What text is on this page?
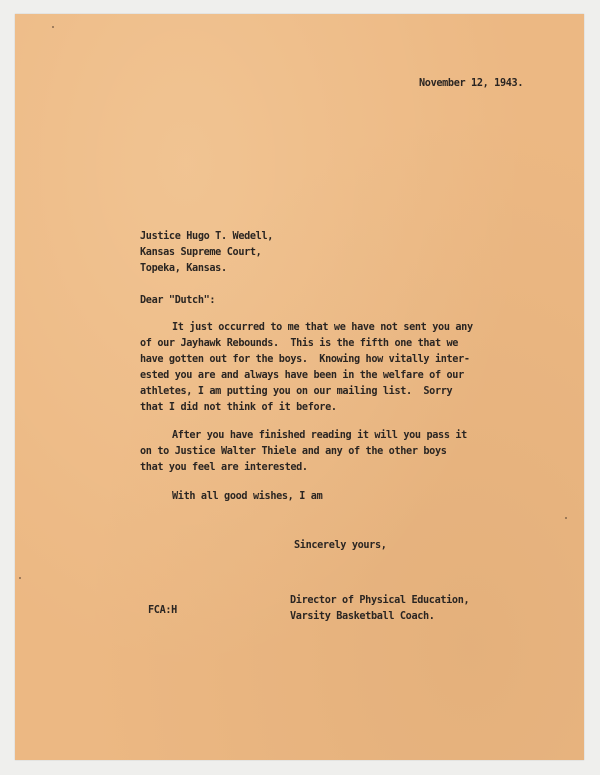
November 12, 1943.
Justice Hugo T. Wedell,
Kansas Supreme Court,
Topeka, Kansas.
Dear "Dutch":
It just occurred to me that we have not sent you any
of our Jayhawk Rebounds.  This is the fifth one that we
have gotten out for the boys.  Knowing how vitally inter-
ested you are and always have been in the welfare of our
athletes, I am putting you on our mailing list.  Sorry
that I did not think of it before.
After you have finished reading it will you pass it
on to Justice Walter Thiele and any of the other boys
that you feel are interested.
With all good wishes, I am
Sincerely yours,
Director of Physical Education,
Varsity Basketball Coach.
FCA:H
